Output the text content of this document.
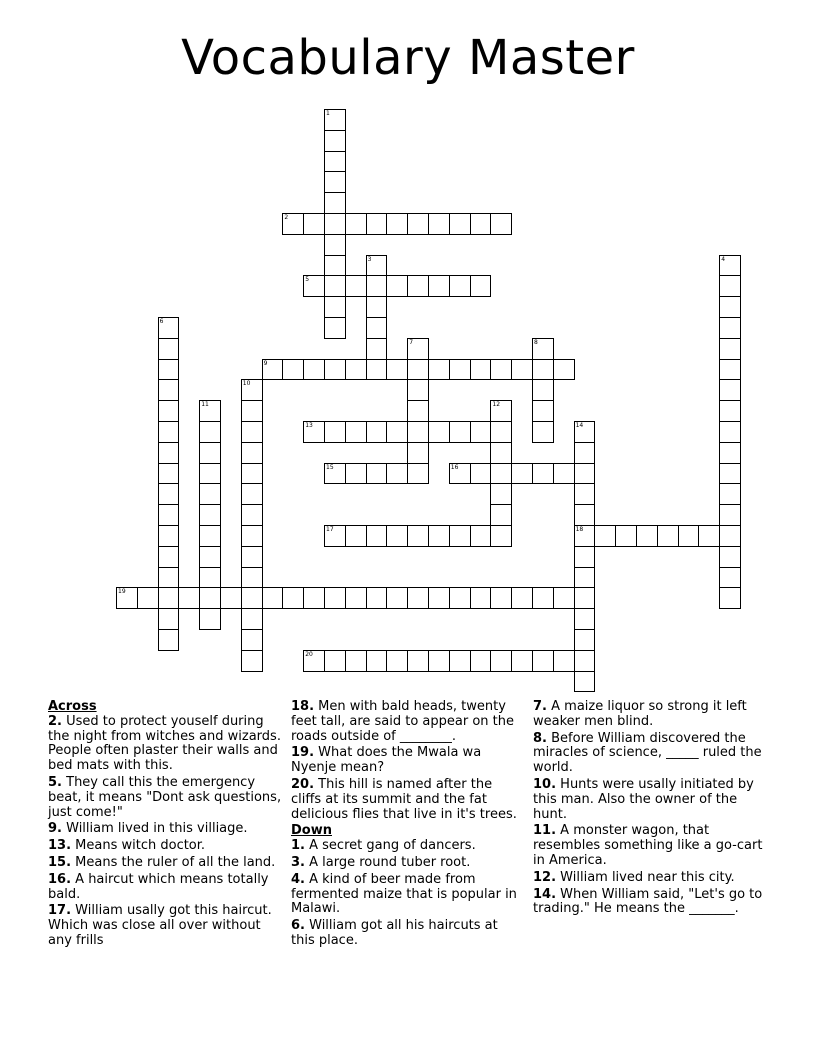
Vocabulary Master
1
2
3	4
5
6
7	8
9
10
11	12
13	14
18
15	16
17
19
20
Across
2. Used to protect youself during the night from witches and wizards. People often plaster their walls and bed mats with this.
5. They call this the emergency beat, it means "Dont ask questions, just come!"
9. William lived in this villiage.
13. Means witch doctor.
15. Means the ruler of all the land.
16. A haircut which means totally bald.
17. William usally got this haircut. Which was close all over without any frills
18. Men with bald heads, twenty feet tall, are said to appear on the roads outside of ________.
19. What does the Mwala wa Nyenje mean?
20. This hill is named after the cliffs at its summit and the fat delicious flies that live in it's trees.
Down
1. A secret gang of dancers.
3. A large round tuber root.
4. A kind of beer made from fermented maize that is popular in Malawi.
6. William got all his haircuts at this place.
7. A maize liquor so strong it left weaker men blind.
8. Before William discovered the miracles of science, _____ ruled the world.
10. Hunts were usally initiated by this man. Also the owner of the hunt.
11. A monster wagon, that resembles something like a go-cart in America.
12. William lived near this city.
14. When William said, "Let's go to trading." He means the _______.
